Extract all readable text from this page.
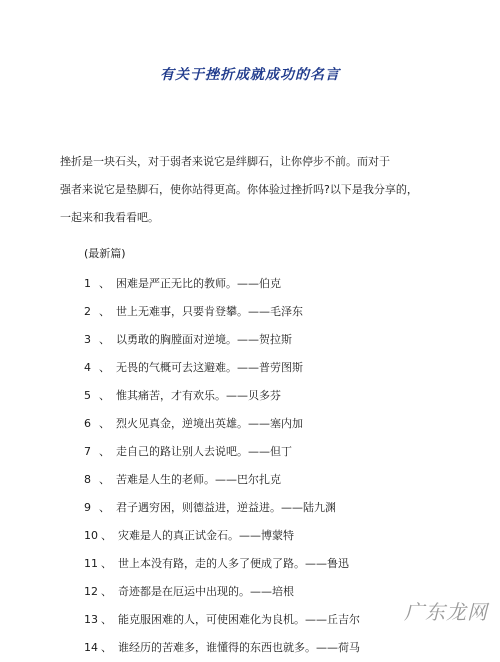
有关于挫折成就成功的名言

挫折是一块石头，对于弱者来说它是绊脚石，让你停步不前。而对于
强者来说它是垫脚石，使你站得更高。你体验过挫折吗?以下是我分享的，
一起来和我看看吧。

(最新篇)

1 、 困难是严正无比的教师。——伯克
2 、 世上无难事，只要肯登攀。——毛泽东
3 、 以勇敢的胸膛面对逆境。——贺拉斯
4 、 无畏的气概可去这避难。——普劳图斯
5 、 惟其痛苦，才有欢乐。——贝多芬
6 、 烈火见真金，逆境出英雄。——塞内加
7 、 走自己的路让别人去说吧。——但丁
8 、 苦难是人生的老师。——巴尔扎克
9 、 君子遇穷困，则德益进，逆益进。——陆九渊
10 、 灾难是人的真正试金石。——博蒙特
11 、 世上本没有路，走的人多了便成了路。——鲁迅
12 、 奇迹都是在厄运中出现的。——培根
13 、 能克服困难的人，可使困难化为良机。——丘吉尔
14 、 谁经历的苦难多，谁懂得的东西也就多。——荷马
广东龙网
